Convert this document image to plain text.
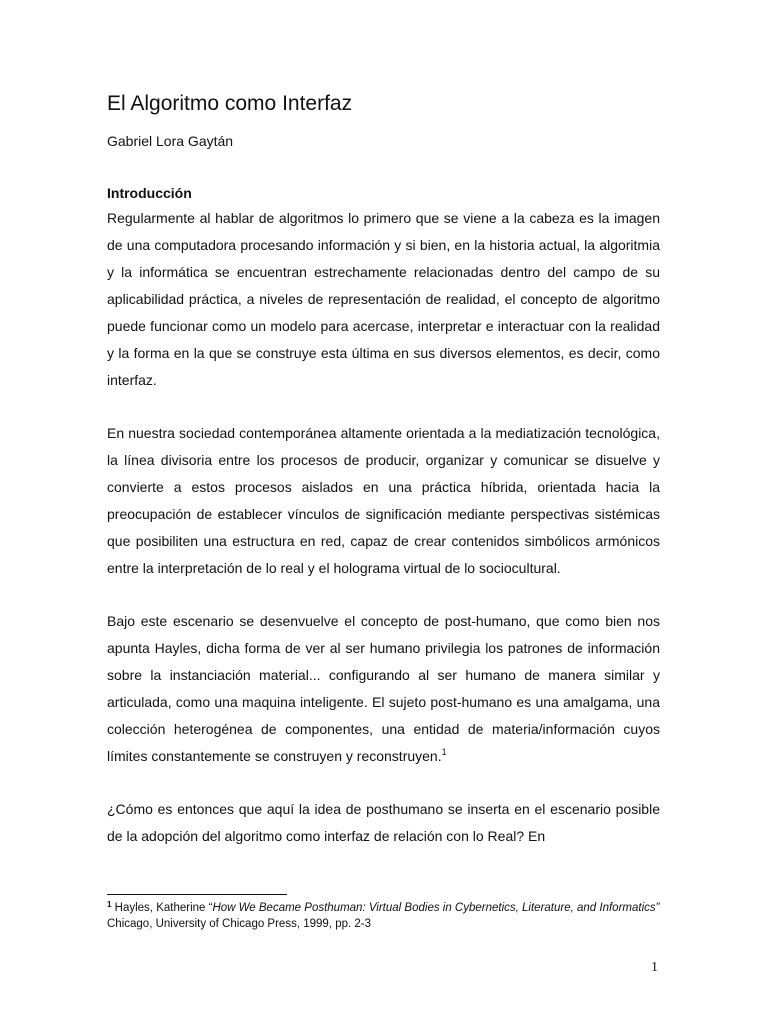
El Algoritmo como Interfaz

Gabriel Lora Gaytán

Introducción

Regularmente al hablar de algoritmos lo primero que se viene a la cabeza es la imagen de una computadora procesando información y si bien, en la historia actual, la algoritmia y la informática se encuentran estrechamente relacionadas dentro del campo de su aplicabilidad práctica, a niveles de representación de realidad, el concepto de algoritmo puede funcionar como un modelo para acercase, interpretar e interactuar con la realidad y la forma en la que se construye esta última en sus diversos elementos, es decir, como interfaz.

En nuestra sociedad contemporánea altamente orientada a la mediatización tecnológica, la línea divisoria entre los procesos de producir, organizar y comunicar se disuelve y convierte a estos procesos aislados en una práctica híbrida, orientada hacia la preocupación de establecer vínculos de significación mediante perspectivas sistémicas que posibiliten una estructura en red, capaz de crear contenidos simbólicos armónicos entre la interpretación de lo real y el holograma virtual de lo sociocultural.

Bajo este escenario se desenvuelve el concepto de post-humano, que como bien nos apunta Hayles, dicha forma de ver al ser humano privilegia los patrones de información sobre la instanciación material... configurando al ser humano de manera similar y articulada, como una maquina inteligente. El sujeto post-humano es una amalgama, una colección heterogénea de componentes, una entidad de materia/información cuyos límites constantemente se construyen y reconstruyen.$^1$

¿Cómo es entonces que aquí la idea de posthumano se inserta en el escenario posible de la adopción del algoritmo como interfaz de relación con lo Real? En

$^1$ Hayles, Katherine “How We Became Posthuman: Virtual Bodies in Cybernetics, Literature, and Informatics” Chicago, University of Chicago Press, 1999, pp. 2-3

1
